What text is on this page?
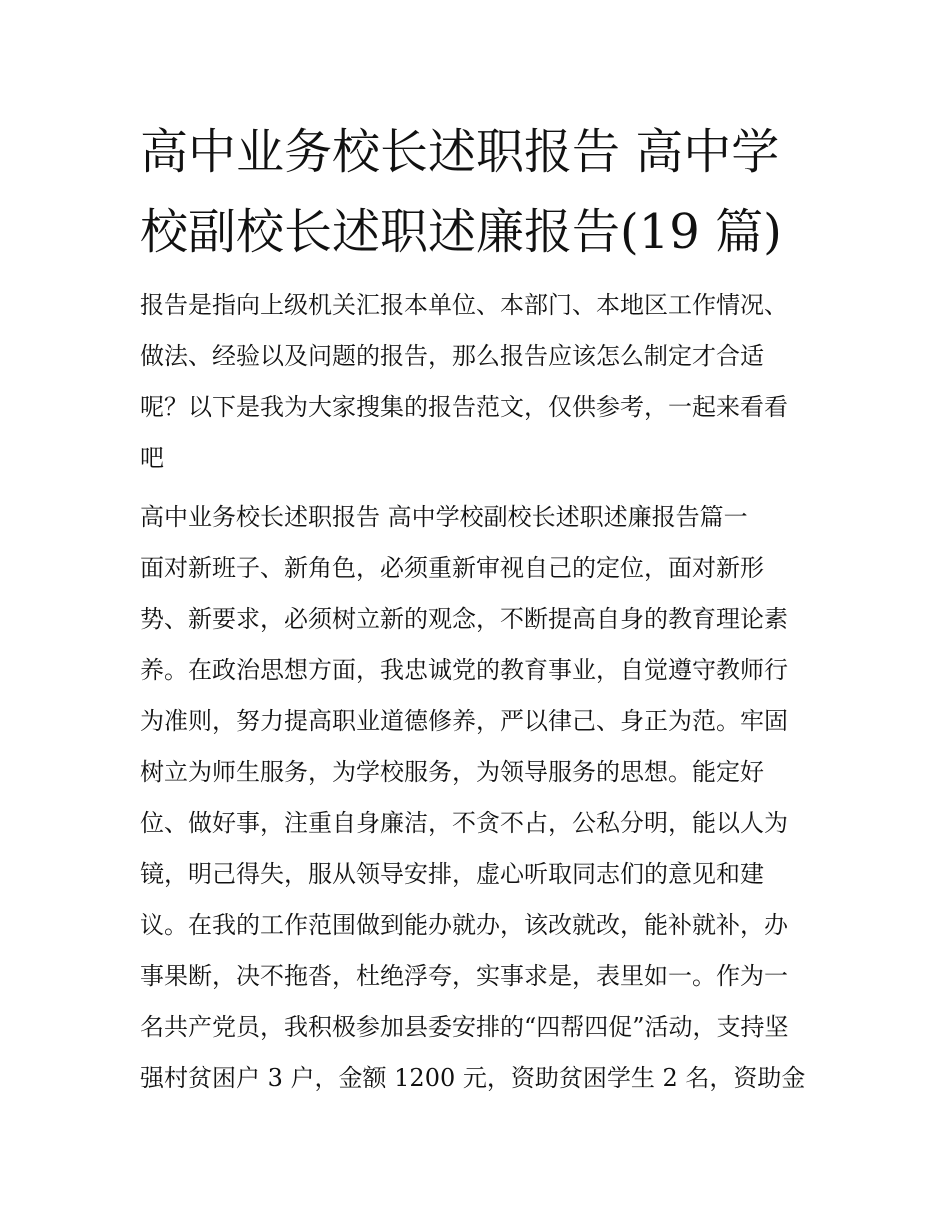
高中业务校长述职报告 高中学
校副校长述职述廉报告(19 篇)
报告是指向上级机关汇报本单位、本部门、本地区工作情况、
做法、经验以及问题的报告，那么报告应该怎么制定才合适
呢？以下是我为大家搜集的报告范文，仅供参考，一起来看看
吧
高中业务校长述职报告 高中学校副校长述职述廉报告篇一
面对新班子、新角色，必须重新审视自己的定位，面对新形
势、新要求，必须树立新的观念，不断提高自身的教育理论素
养。在政治思想方面，我忠诚党的教育事业，自觉遵守教师行
为准则，努力提高职业道德修养，严以律己、身正为范。牢固
树立为师生服务，为学校服务，为领导服务的思想。能定好
位、做好事，注重自身廉洁，不贪不占，公私分明，能以人为
镜，明己得失，服从领导安排，虚心听取同志们的意见和建
议。在我的工作范围做到能办就办，该改就改，能补就补，办
事果断，决不拖沓，杜绝浮夸，实事求是，表里如一。作为一
名共产党员，我积极参加县委安排的“四帮四促”活动，支持坚
强村贫困户 3 户，金额 1200 元，资助贫困学生 2 名，资助金
